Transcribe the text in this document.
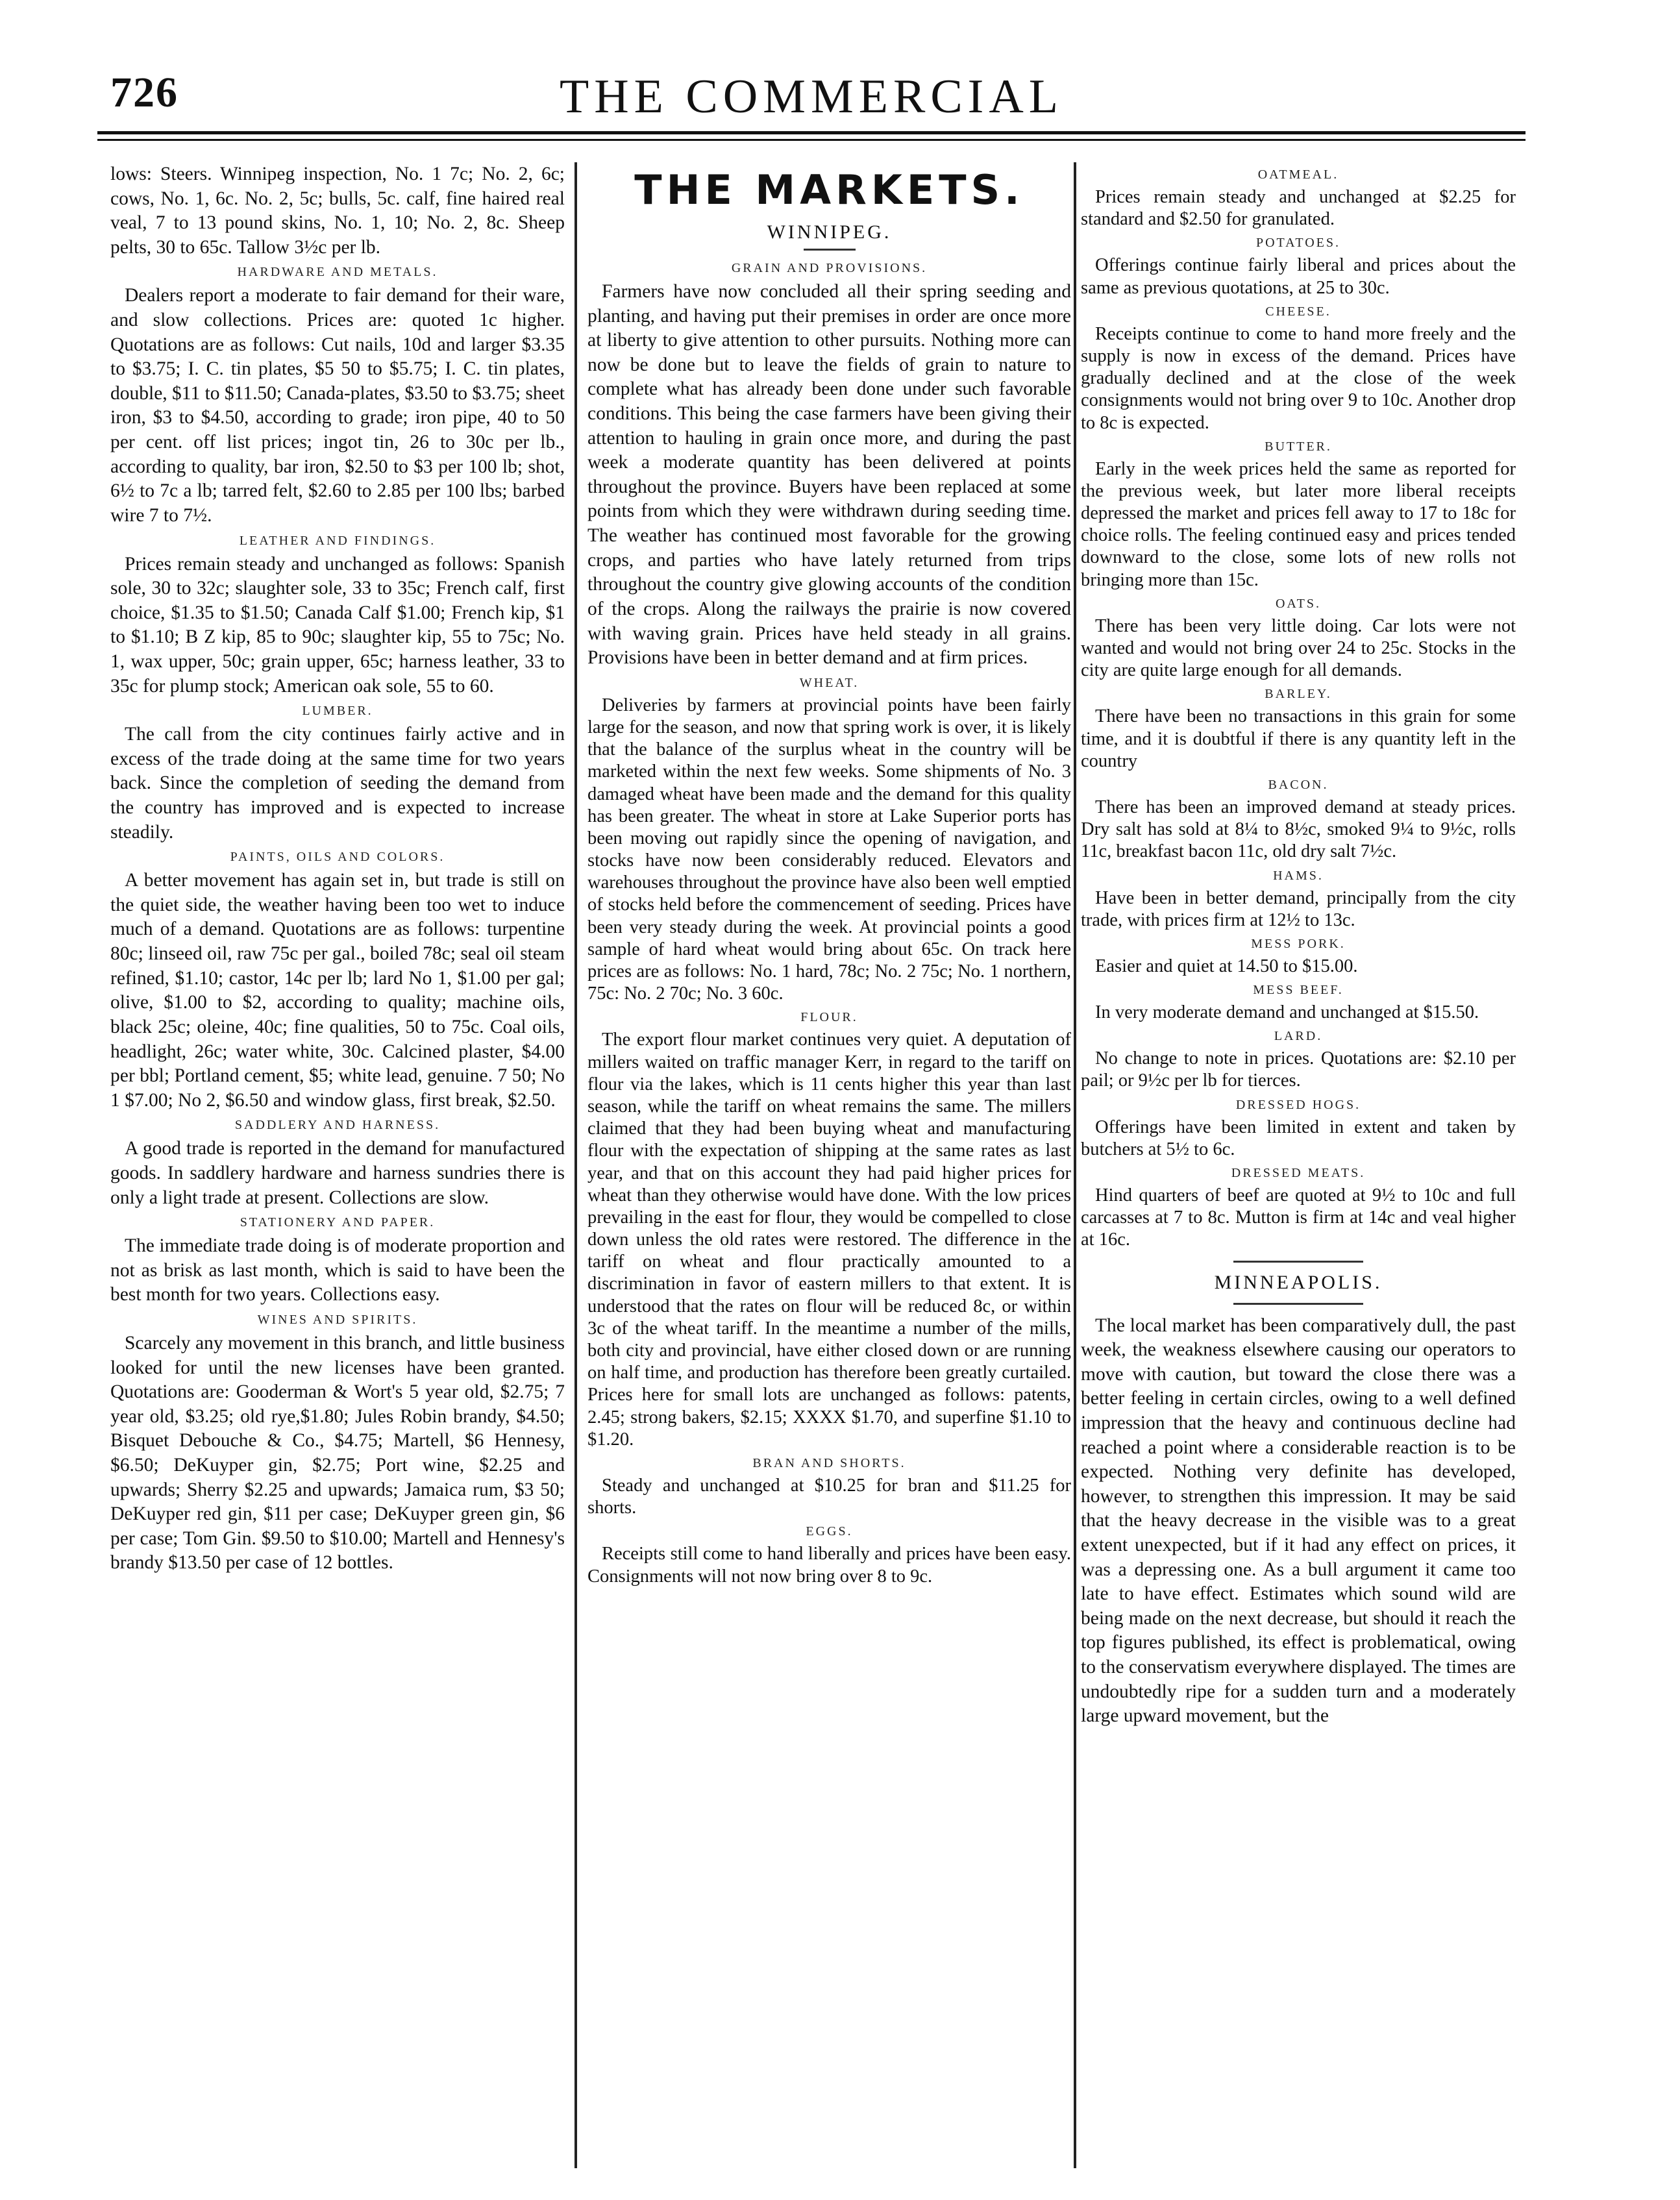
726	THE COMMERCIAL

lows: Steers. Winnipeg inspection, No. 1 7c; No. 2, 6c; cows, No. 1, 6c. No. 2, 5c; bulls, 5c. calf, fine haired real veal, 7 to 13 pound skins, No. 1, 10; No. 2, 8c. Sheep pelts, 30 to 65c. Tallow 3½c per lb.

HARDWARE AND METALS.

Dealers report a moderate to fair demand for their ware, and slow collections. Prices are: quoted 1c higher. Quotations are as follows: Cut nails, 10d and larger $3.35 to $3.75; I. C. tin plates, $5 50 to $5.75; I. C. tin plates, double, $11 to $11.50; Canada-plates, $3.50 to $3.75; sheet iron, $3 to $4.50, according to grade; iron pipe, 40 to 50 per cent. off list prices; ingot tin, 26 to 30c per lb., according to quality, bar iron, $2.50 to $3 per 100 lb; shot, 6½ to 7c a lb; tarred felt, $2.60 to 2.85 per 100 lbs; barbed wire 7 to 7½.

LEATHER AND FINDINGS.

Prices remain steady and unchanged as follows: Spanish sole, 30 to 32c; slaughter sole, 33 to 35c; French calf, first choice, $1.35 to $1.50; Canada Calf $1.00; French kip, $1 to $1.10; B Z kip, 85 to 90c; slaughter kip, 55 to 75c; No. 1, wax upper, 50c; grain upper, 65c; harness leather, 33 to 35c for plump stock; American oak sole, 55 to 60.

LUMBER.

The call from the city continues fairly active and in excess of the trade doing at the same time for two years back. Since the completion of seeding the demand from the country has improved and is expected to increase steadily.

PAINTS, OILS AND COLORS.

A better movement has again set in, but trade is still on the quiet side, the weather having been too wet to induce much of a demand. Quotations are as follows: turpentine 80c; linseed oil, raw 75c per gal., boiled 78c; seal oil steam refined, $1.10; castor, 14c per lb; lard No 1, $1.00 per gal; olive, $1.00 to $2, according to quality; machine oils, black 25c; oleine, 40c; fine qualities, 50 to 75c. Coal oils, headlight, 26c; water white, 30c. Calcined plaster, $4.00 per bbl; Portland cement, $5; white lead, genuine. 7 50; No 1 $7.00; No 2, $6.50 and window glass, first break, $2.50.

SADDLERY AND HARNESS.

A good trade is reported in the demand for manufactured goods. In saddlery hardware and harness sundries there is only a light trade at present. Collections are slow.

STATIONERY AND PAPER.

The immediate trade doing is of moderate proportion and not as brisk as last month, which is said to have been the best month for two years. Collections easy.

WINES AND SPIRITS.

Scarcely any movement in this branch, and little business looked for until the new licenses have been granted. Quotations are: Gooderman & Wort's 5 year old, $2.75; 7 year old, $3.25; old rye,$1.80; Jules Robin brandy, $4.50; Bisquet Debouche & Co., $4.75; Martell, $6 Hennesy, $6.50; DeKuyper gin, $2.75; Port wine, $2.25 and upwards; Sherry $2.25 and upwards; Jamaica rum, $3 50; DeKuyper red gin, $11 per case; DeKuyper green gin, $6 per case; Tom Gin. $9.50 to $10.00; Martell and Hennesy's brandy $13.50 per case of 12 bottles.

THE MARKETS.
WINNIPEG.
GRAIN AND PROVISIONS.

Farmers have now concluded all their spring seeding and planting, and having put their premises in order are once more at liberty to give attention to other pursuits. Nothing more can now be done but to leave the fields of grain to nature to complete what has already been done under such favorable conditions. This being the case farmers have been giving their attention to hauling in grain once more, and during the past week a moderate quantity has been delivered at points throughout the province. Buyers have been replaced at some points from which they were withdrawn during seeding time. The weather has continued most favorable for the growing crops, and parties who have lately returned from trips throughout the country give glowing accounts of the condition of the crops. Along the railways the prairie is now covered with waving grain. Prices have held steady in all grains. Provisions have been in better demand and at firm prices.

WHEAT.

Deliveries by farmers at provincial points have been fairly large for the season, and now that spring work is over, it is likely that the balance of the surplus wheat in the country will be marketed within the next few weeks. Some shipments of No. 3 damaged wheat have been made and the demand for this quality has been greater. The wheat in store at Lake Superior ports has been moving out rapidly since the opening of navigation, and stocks have now been considerably reduced. Elevators and warehouses throughout the province have also been well emptied of stocks held before the commencement of seeding. Prices have been very steady during the week. At provincial points a good sample of hard wheat would bring about 65c. On track here prices are as follows: No. 1 hard, 78c; No. 2 75c; No. 1 northern, 75c: No. 2 70c; No. 3 60c.

FLOUR.

The export flour market continues very quiet. A deputation of millers waited on traffic manager Kerr, in regard to the tariff on flour via the lakes, which is 11 cents higher this year than last season, while the tariff on wheat remains the same. The millers claimed that they had been buying wheat and manufacturing flour with the expectation of shipping at the same rates as last year, and that on this account they had paid higher prices for wheat than they otherwise would have done. With the low prices prevailing in the east for flour, they would be compelled to close down unless the old rates were restored. The difference in the tariff on wheat and flour practically amounted to a discrimination in favor of eastern millers to that extent. It is understood that the rates on flour will be reduced 8c, or within 3c of the wheat tariff. In the meantime a number of the mills, both city and provincial, have either closed down or are running on half time, and production has therefore been greatly curtailed. Prices here for small lots are unchanged as follows: patents, 2.45; strong bakers, $2.15; XXXX $1.70, and superfine $1.10 to $1.20.

BRAN AND SHORTS.

Steady and unchanged at $10.25 for bran and $11.25 for shorts.

EGGS.

Receipts still come to hand liberally and prices have been easy. Consignments will not now bring over 8 to 9c.

OATMEAL.

Prices remain steady and unchanged at $2.25 for standard and $2.50 for granulated.

POTATOES.

Offerings continue fairly liberal and prices about the same as previous quotations, at 25 to 30c.

CHEESE.

Receipts continue to come to hand more freely and the supply is now in excess of the demand. Prices have gradually declined and at the close of the week consignments would not bring over 9 to 10c. Another drop to 8c is expected.

BUTTER.

Early in the week prices held the same as reported for the previous week, but later more liberal receipts depressed the market and prices fell away to 17 to 18c for choice rolls. The feeling continued easy and prices tended downward to the close, some lots of new rolls not bringing more than 15c.

OATS.

There has been very little doing. Car lots were not wanted and would not bring over 24 to 25c. Stocks in the city are quite large enough for all demands.

BARLEY.

There have been no transactions in this grain for some time, and it is doubtful if there is any quantity left in the country

BACON.

There has been an improved demand at steady prices. Dry salt has sold at 8¼ to 8½c, smoked 9¼ to 9½c, rolls 11c, breakfast bacon 11c, old dry salt 7½c.

HAMS.

Have been in better demand, principally from the city trade, with prices firm at 12½ to 13c.

MESS PORK.

Easier and quiet at 14.50 to $15.00.

MESS BEEF.

In very moderate demand and unchanged at $15.50.

LARD.

No change to note in prices. Quotations are: $2.10 per pail; or 9½c per lb for tierces.

DRESSED HOGS.

Offerings have been limited in extent and taken by butchers at 5½ to 6c.

DRESSED MEATS.

Hind quarters of beef are quoted at 9½ to 10c and full carcasses at 7 to 8c. Mutton is firm at 14c and veal higher at 16c.

MINNEAPOLIS.

The local market has been comparatively dull, the past week, the weakness elsewhere causing our operators to move with caution, but toward the close there was a better feeling in certain circles, owing to a well defined impression that the heavy and continuous decline had reached a point where a considerable reaction is to be expected. Nothing very definite has developed, however, to strengthen this impression. It may be said that the heavy decrease in the visible was to a great extent unexpected, but if it had any effect on prices, it was a depressing one. As a bull argument it came too late to have effect. Estimates which sound wild are being made on the next decrease, but should it reach the top figures published, its effect is problematical, owing to the conservatism everywhere displayed. The times are undoubtedly ripe for a sudden turn and a moderately large upward movement, but the
